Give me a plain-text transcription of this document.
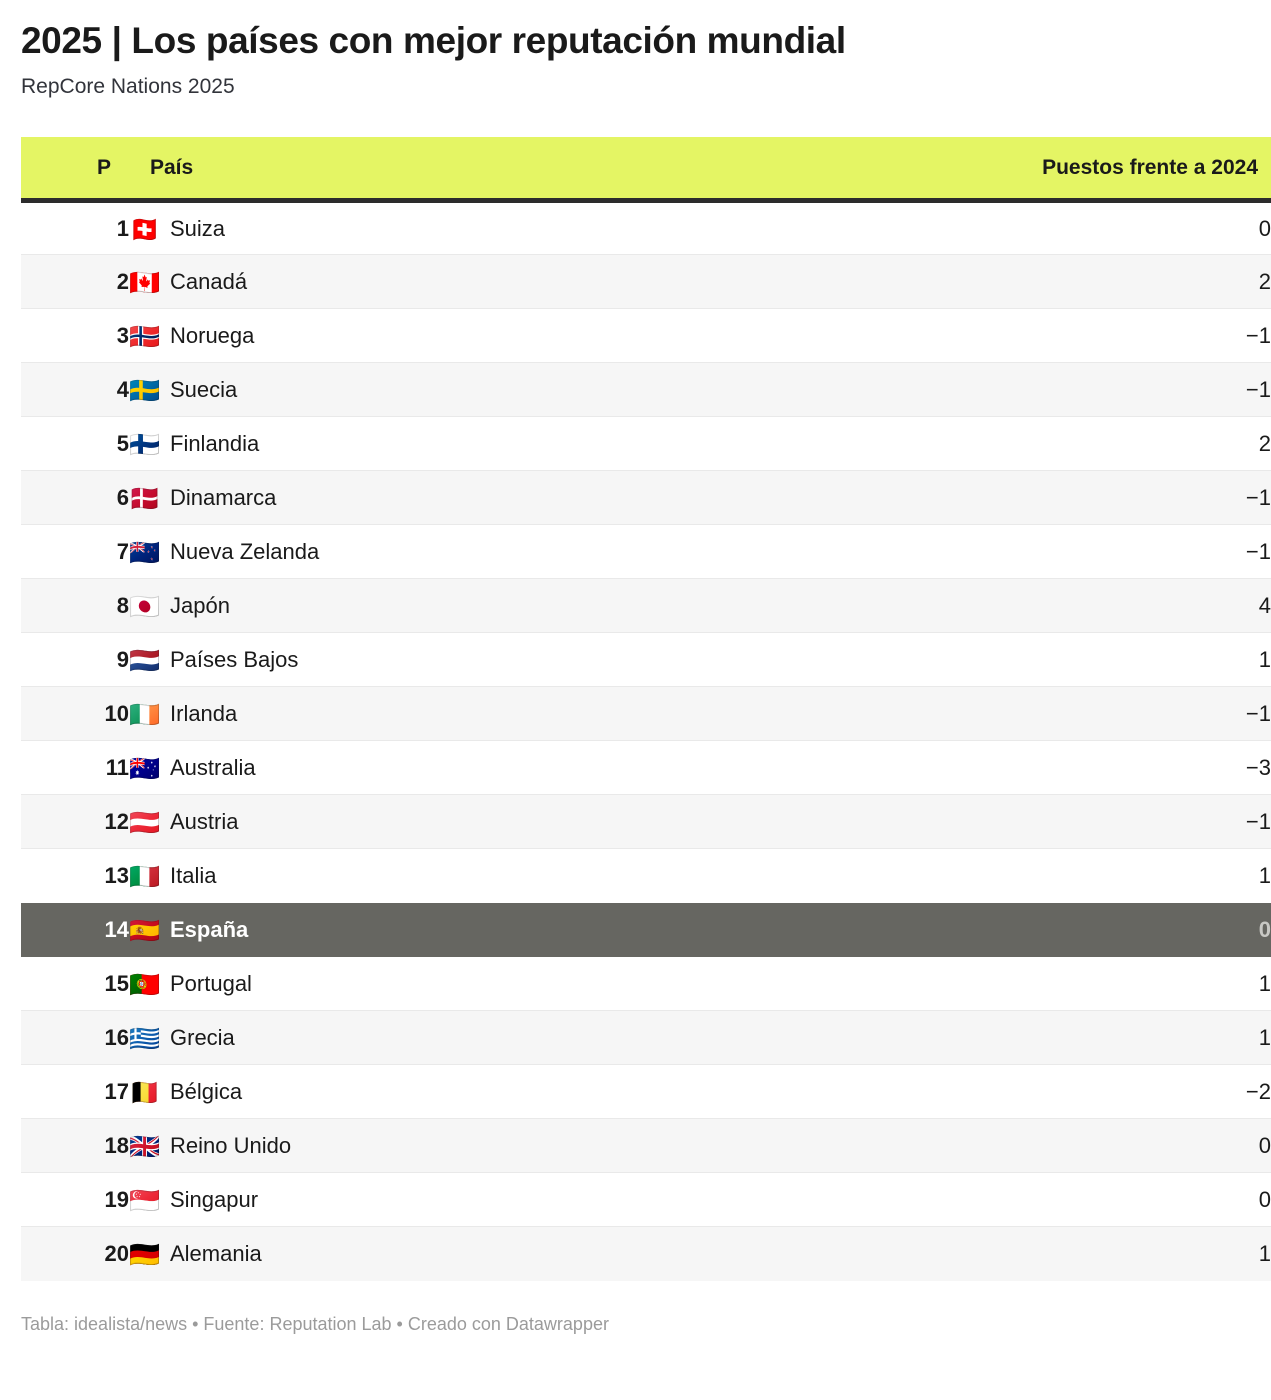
2025 | Los países con mejor reputación mundial

RepCore Nations 2025

P	País	Puestos frente a 2024
1	🇨🇭 Suiza	0
2	🇨🇦 Canadá	2
3	🇳🇴 Noruega	−1
4	🇸🇪 Suecia	−1
5	🇫🇮 Finlandia	2
6	🇩🇰 Dinamarca	−1
7	🇳🇿 Nueva Zelanda	−1
8	🇯🇵 Japón	4
9	🇳🇱 Países Bajos	1
10	🇮🇪 Irlanda	−1
11	🇦🇺 Australia	−3
12	🇦🇹 Austria	−1
13	🇮🇹 Italia	1
14	🇪🇸 España	0
15	🇵🇹 Portugal	1
16	🇬🇷 Grecia	1
17	🇧🇪 Bélgica	−2
18	🇬🇧 Reino Unido	0
19	🇸🇬 Singapur	0
20	🇩🇪 Alemania	1
Tabla: idealista/news • Fuente: Reputation Lab • Creado con Datawrapper
